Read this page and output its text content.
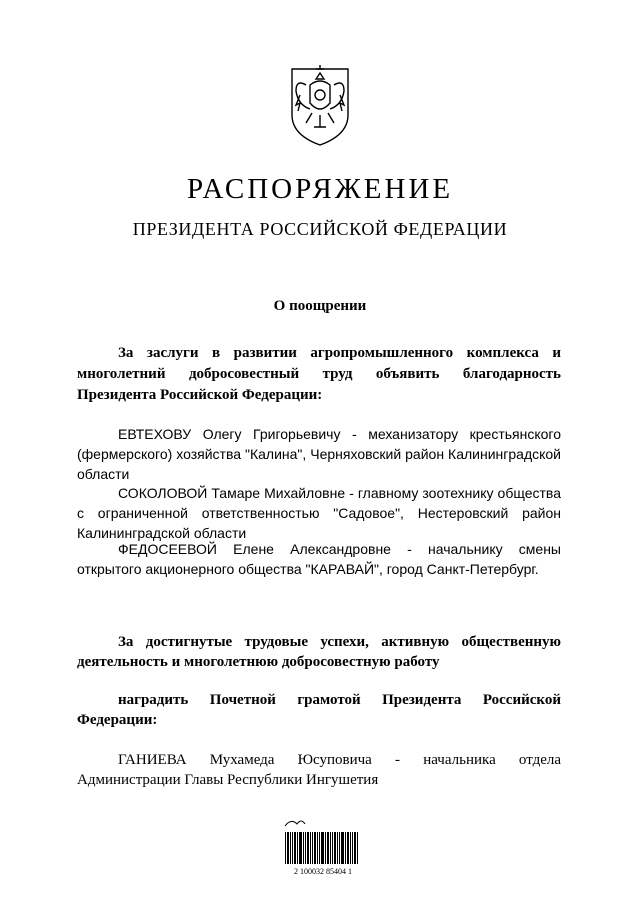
РАСПОРЯЖЕНИЕ
ПРЕЗИДЕНТА РОССИЙСКОЙ ФЕДЕРАЦИИ
О поощрении
За заслуги в развитии агропромышленного комплекса и многолетний добросовестный труд объявить благодарность Президента Российской Федерации:
ЕВТЕХОВУ Олегу Григорьевичу - механизатору крестьянского (фермерского) хозяйства "Калина", Черняховский район Калининградской области
СОКОЛОВОЙ Тамаре Михайловне - главному зоотехнику общества с ограниченной ответственностью "Садовое", Нестеровский район Калининградской области
ФЕДОСЕЕВОЙ Елене Александровне - начальнику смены открытого акционерного общества "КАРАВАЙ", город Санкт-Петербург.
За достигнутые трудовые успехи, активную общественную деятельность и многолетнюю добросовестную работу
наградить Почетной грамотой Президента Российской Федерации:
ГАНИЕВА Мухамеда Юсуповича - начальника отдела Администрации Главы Республики Ингушетия
2 100032 85404 1
